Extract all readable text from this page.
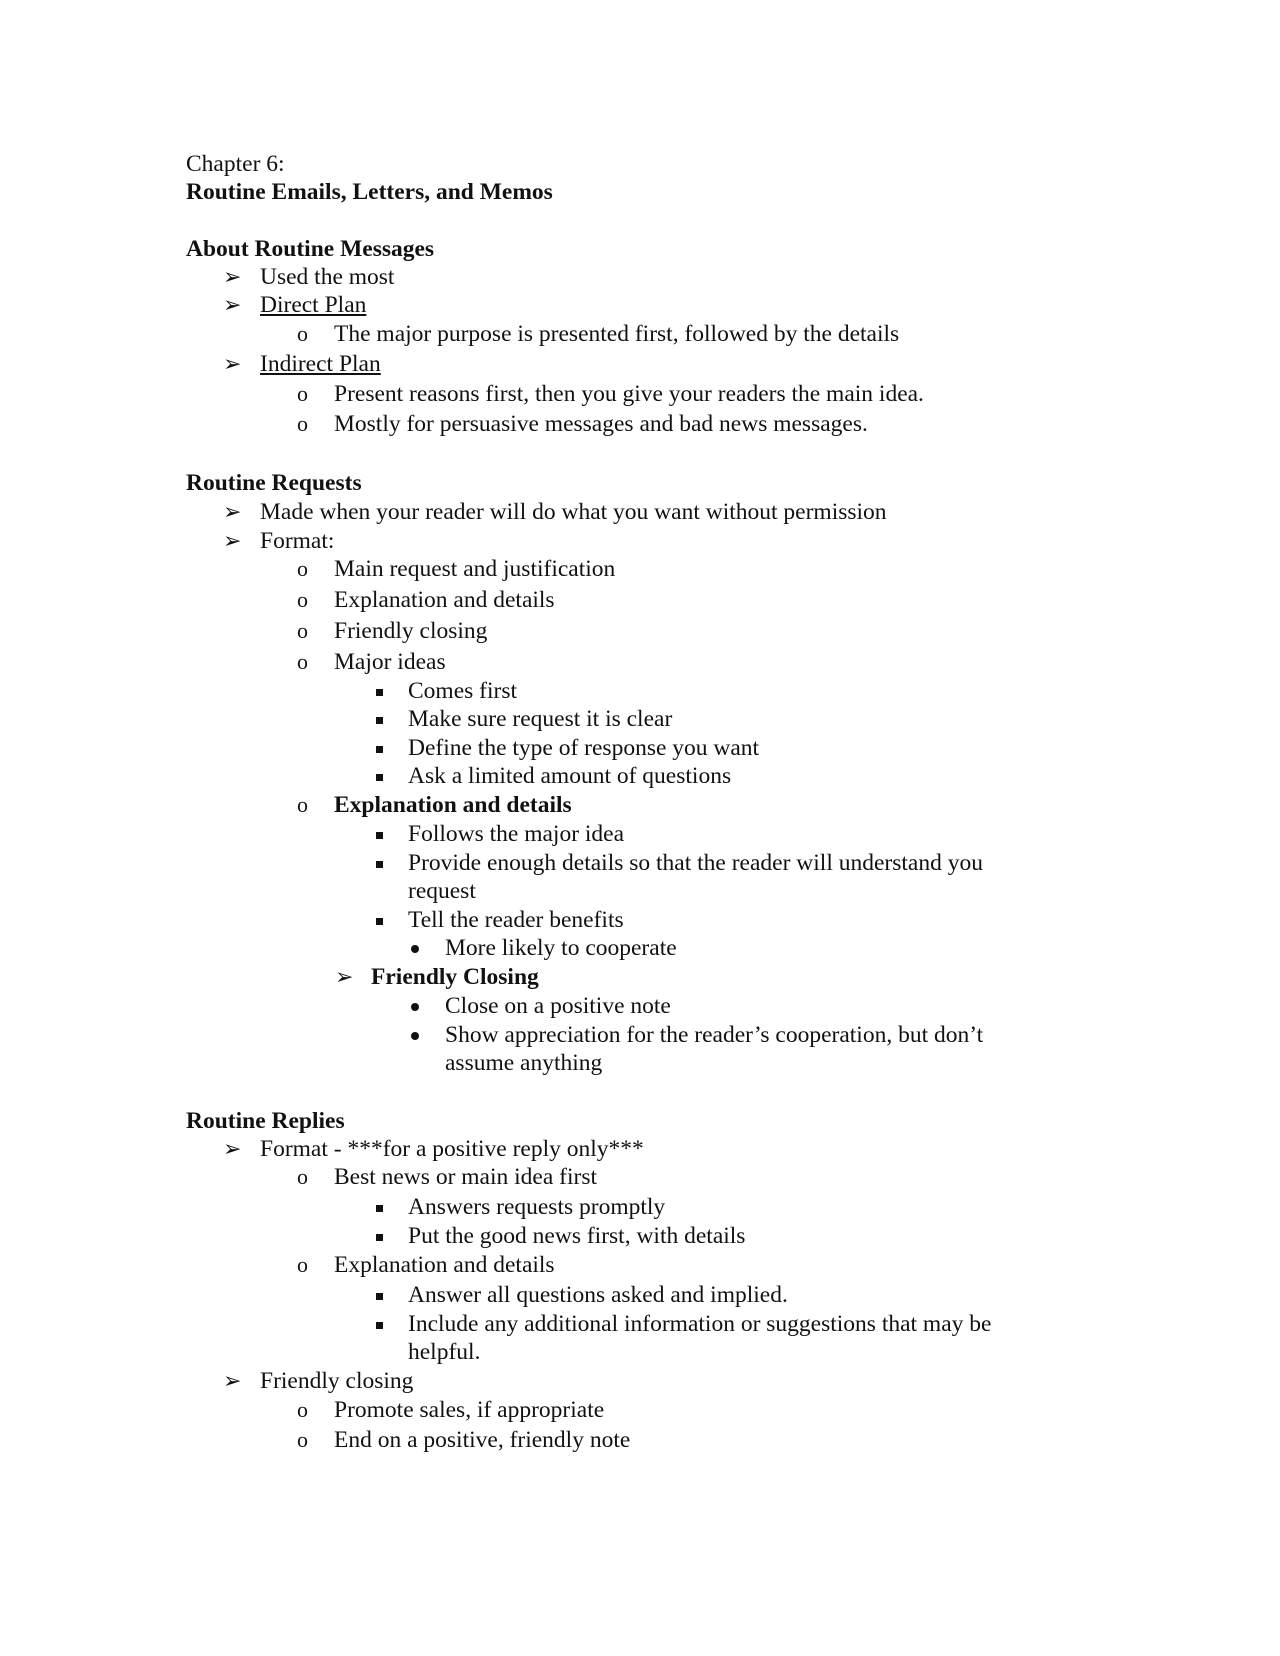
Chapter 6:
Routine Emails, Letters, and Memos
About Routine Messages
➢ Used the most
➢ Direct Plan
o The major purpose is presented first, followed by the details
➢ Indirect Plan
o Present reasons first, then you give your readers the main idea.
o Mostly for persuasive messages and bad news messages.
Routine Requests
➢ Made when your reader will do what you want without permission
➢ Format:
o Main request and justification
o Explanation and details
o Friendly closing
o Major ideas
Comes first
Make sure request it is clear
Define the type of response you want
Ask a limited amount of questions
o Explanation and details
Follows the major idea
Provide enough details so that the reader will understand you
request
Tell the reader benefits
More likely to cooperate
➢ Friendly Closing
Close on a positive note
Show appreciation for the reader’s cooperation, but don’t
assume anything
Routine Replies
➢ Format - ***for a positive reply only***
o Best news or main idea first
Answers requests promptly
Put the good news first, with details
o Explanation and details
Answer all questions asked and implied.
Include any additional information or suggestions that may be
helpful.
➢ Friendly closing
o Promote sales, if appropriate
o End on a positive, friendly note
